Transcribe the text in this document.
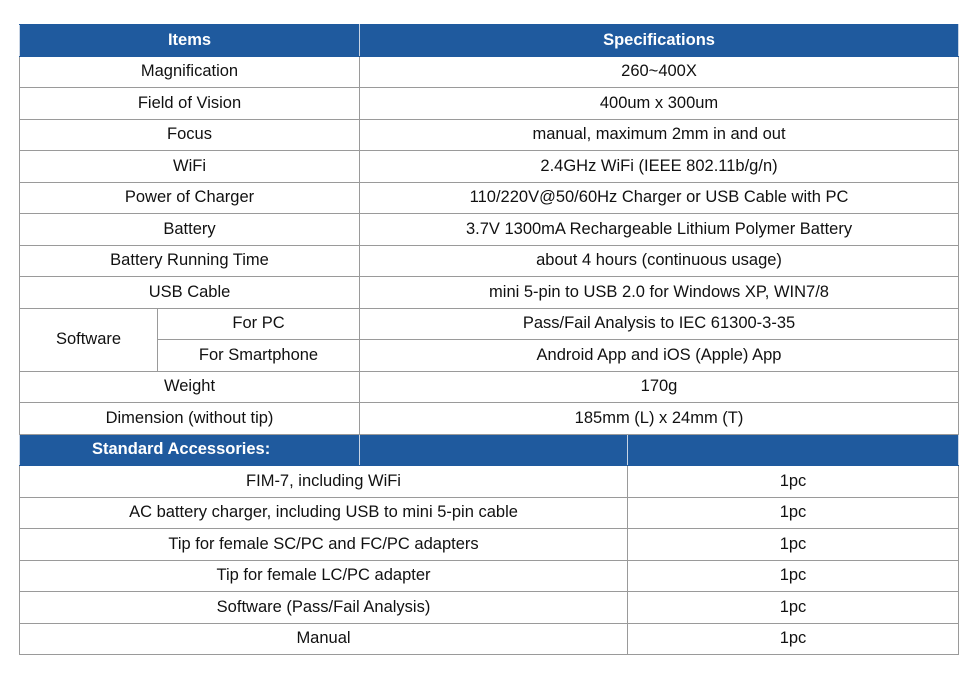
Items		Specifications	
Magnification		260~400X	
Field of Vision		400um x 300um	
Focus		manual, maximum 2mm in and out	
WiFi		2.4GHz WiFi (IEEE 802.11b/g/n)	
Power of Charger		110/220V@50/60Hz Charger or USB Cable with PC	
Battery		3.7V 1300mA Rechargeable Lithium Polymer Battery	
Battery Running Time		about 4 hours (continuous usage)	
USB Cable		mini 5-pin to USB 2.0 for Windows XP, WIN7/8	
Software	For PC	Pass/Fail Analysis to IEC 61300-3-35	
	For Smartphone	Android App and iOS (Apple) App	
Weight		170g	
Dimension (without tip)		185mm (L) x 24mm (T)	
Standard Accessories:			
FIM-7, including WiFi			1pc
AC battery charger, including USB to mini 5-pin cable			1pc
Tip for female SC/PC and FC/PC adapters			1pc
Tip for female LC/PC adapter			1pc
Software (Pass/Fail Analysis)			1pc
Manual			1pc
